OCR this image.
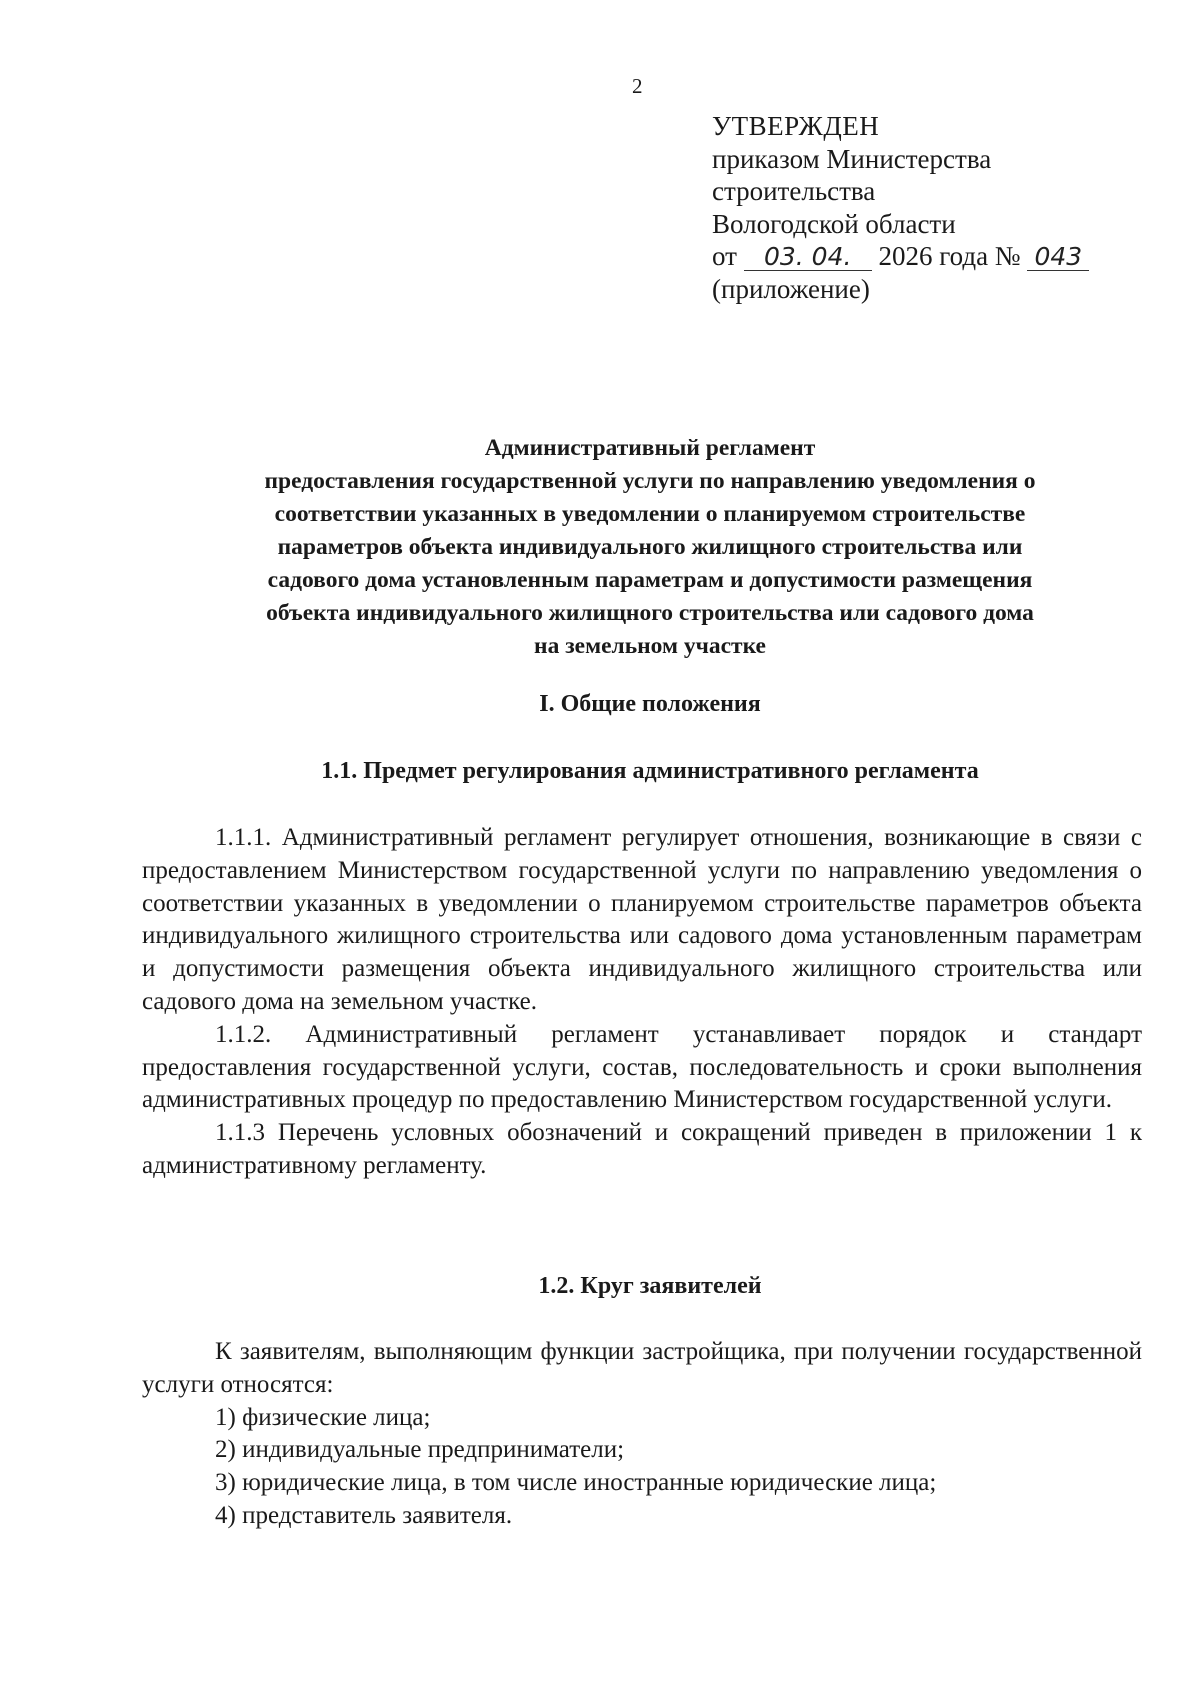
2
УТВЕРЖДЕН
приказом Министерства
строительства
Вологодской области
от 03. 04. 2026 года № 043
(приложение)
Административный регламент
предоставления государственной услуги по направлению уведомления о
соответствии указанных в уведомлении о планируемом строительстве
параметров объекта индивидуального жилищного строительства или
садового дома установленным параметрам и допустимости размещения
объекта индивидуального жилищного строительства или садового дома
на земельном участке
I. Общие положения
1.1. Предмет регулирования административного регламента

1.1.1. Административный регламент регулирует отношения, возникающие в связи с предоставлением Министерством государственной услуги по направлению уведомления о соответствии указанных в уведомлении о планируемом строительстве параметров объекта индивидуального жилищного строительства или садового дома установленным параметрам и допустимости размещения объекта индивидуального жилищного строительства или садового дома на земельном участке.

1.1.2. Административный регламент устанавливает порядок и стандарт предоставления государственной услуги, состав, последовательность и сроки выполнения административных процедур по предоставлению Министерством государственной услуги.

1.1.3 Перечень условных обозначений и сокращений приведен в приложении 1 к административному регламенту.

1.2. Круг заявителей

К заявителям, выполняющим функции застройщика, при получении государственной услуги относятся:

1) физические лица;

2) индивидуальные предприниматели;

3) юридические лица, в том числе иностранные юридические лица;

4) представитель заявителя.
